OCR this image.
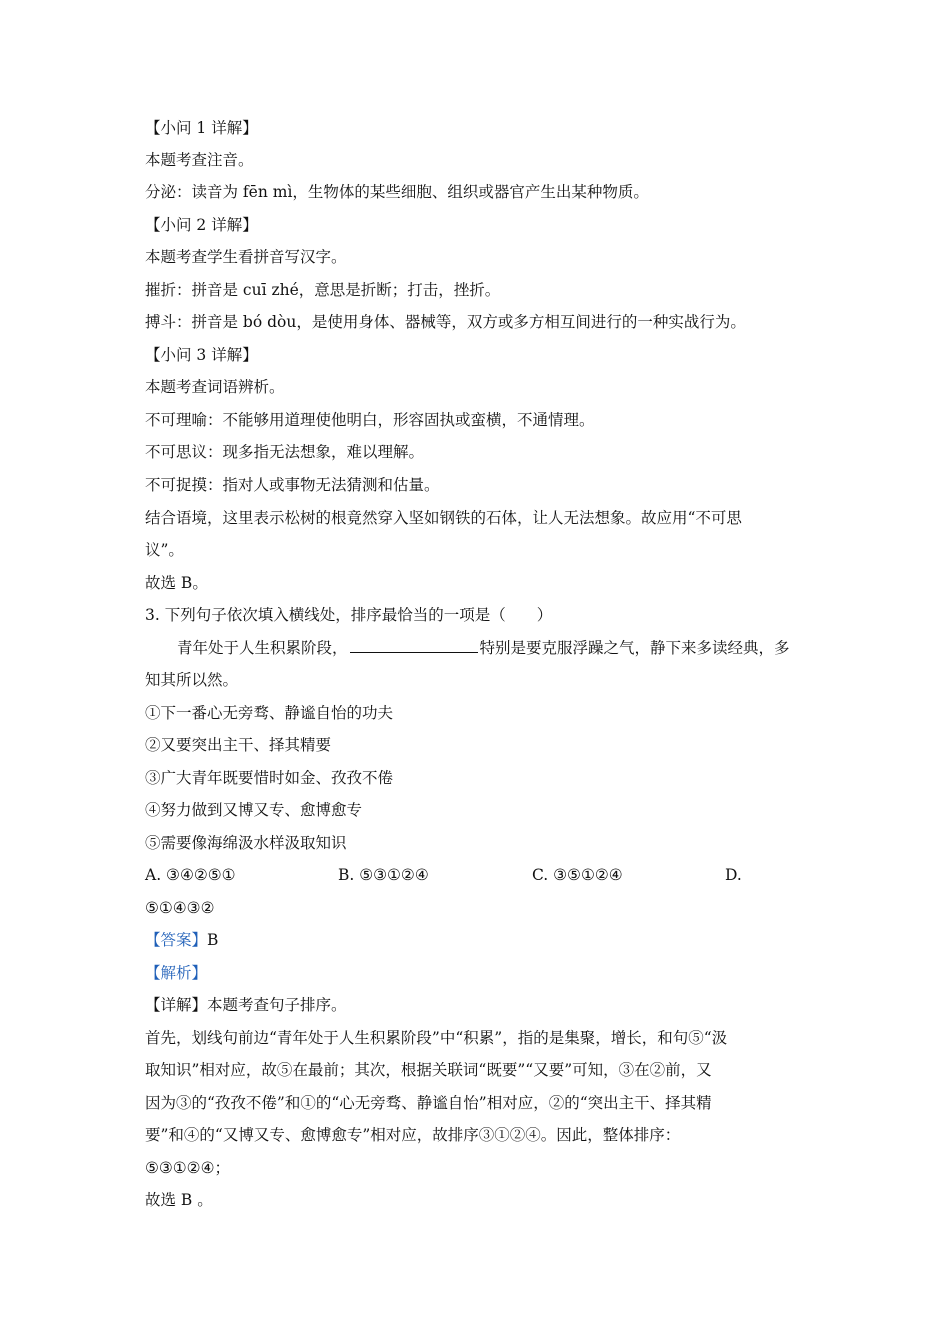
【小问 1 详解】
本题考查注音。
分泌：读音为 fēn mì，生物体的某些细胞、组织或器官产生出某种物质。
【小问 2 详解】
本题考查学生看拼音写汉字。
摧折：拼音是 cuī zhé，意思是折断；打击，挫折。
搏斗：拼音是 bó dòu，是使用身体、器械等，双方或多方相互间进行的一种实战行为。
【小问 3 详解】
本题考查词语辨析。
不可理喻：不能够用道理使他明白，形容固执或蛮横，不通情理。
不可思议：现多指无法想象，难以理解。
不可捉摸：指对人或事物无法猜测和估量。
结合语境，这里表示松树的根竟然穿入坚如钢铁的石体，让人无法想象。故应用“不可思
议”。
故选 B。
3. 下列句子依次填入横线处，排序最恰当的一项是（　　）
青年处于人生积累阶段，	特别是要克服浮躁之气，静下来多读经典，多
知其所以然。
①下一番心无旁骛、静谧自怡的功夫
②又要突出主干、择其精要
③广大青年既要惜时如金、孜孜不倦
④努力做到又博又专、愈博愈专
⑤需要像海绵汲水样汲取知识
A. ③④②⑤①	B. ⑤③①②④	C. ③⑤①②④	D.
⑤①④③②
【答案】B
【解析】
【详解】本题考查句子排序。
首先，划线句前边“青年处于人生积累阶段”中“积累”，指的是集聚，增长，和句⑤“汲
取知识”相对应，故⑤在最前；其次，根据关联词“既要”“又要”可知，③在②前，又
因为③的“孜孜不倦”和①的“心无旁骛、静谧自怡”相对应，②的“突出主干、择其精
要”和④的“又博又专、愈博愈专”相对应，故排序③①②④。因此，整体排序：
⑤③①②④；
故选 B 。
